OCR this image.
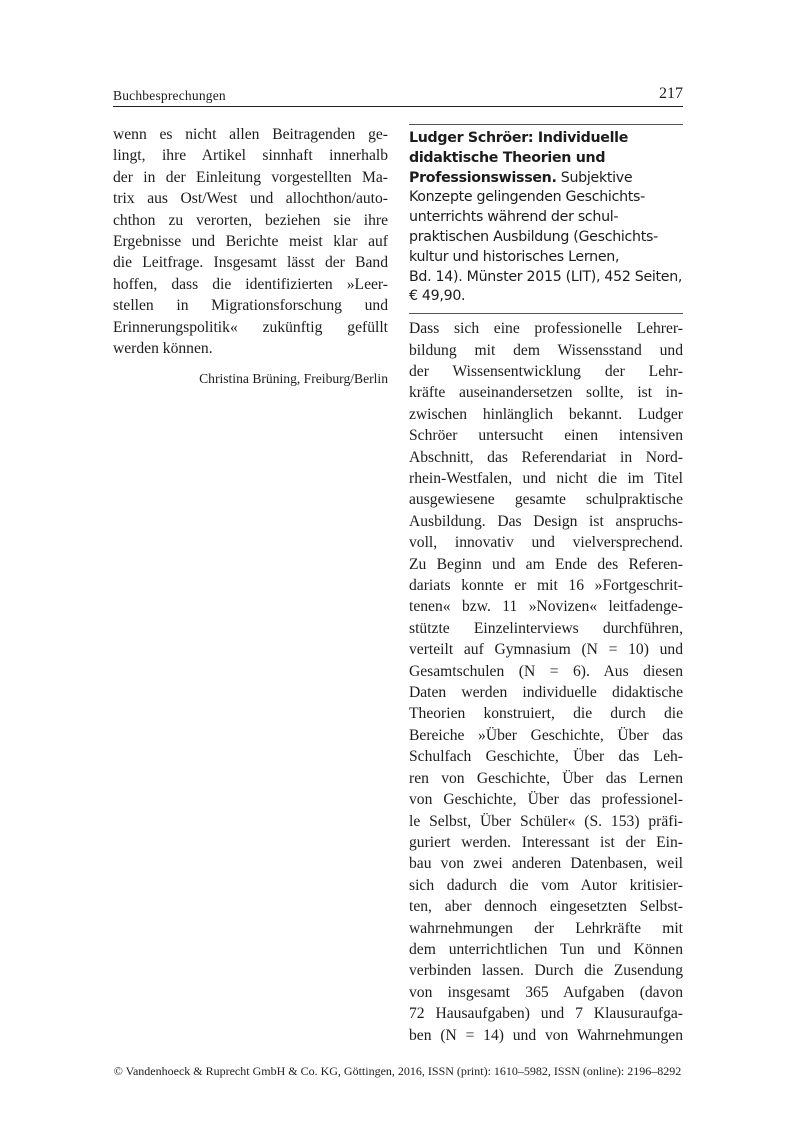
Buchbesprechungen	217
wenn es nicht allen Beitragenden ge-
lingt, ihre Artikel sinnhaft innerhalb
der in der Einleitung vorgestellten Ma-
trix aus Ost/West und allochthon/auto-
chthon zu verorten, beziehen sie ihre
Ergebnisse und Berichte meist klar auf
die Leitfrage. Insgesamt lässt der Band
hoffen, dass die identifizierten »Leer-
stellen in Migrationsforschung und
Erinnerungspolitik« zukünftig gefüllt
werden können.
Christina Brüning, Freiburg/Berlin
Ludger Schröer: Individuelle
didaktische Theorien und
Professionswissen. Subjektive
Konzepte gelingenden Geschichts-
unterrichts während der schul-
praktischen Ausbildung (Geschichts-
kultur und historisches Lernen,
Bd. 14). Münster 2015 (LIT), 452 Seiten,
€ 49,90.
Dass sich eine professionelle Lehrer-
bildung mit dem Wissensstand und
der Wissensentwicklung der Lehr-
kräfte auseinandersetzen sollte, ist in-
zwischen hinlänglich bekannt. Ludger
Schröer untersucht einen intensiven
Abschnitt, das Referendariat in Nord-
rhein-Westfalen, und nicht die im Titel
ausgewiesene gesamte schulpraktische
Ausbildung. Das Design ist anspruchs-
voll, innovativ und vielversprechend.
Zu Beginn und am Ende des Referen-
dariats konnte er mit 16 »Fortgeschrit-
tenen« bzw. 11 »Novizen« leitfadenge-
stützte Einzelinterviews durchführen,
verteilt auf Gymnasium (N = 10) und
Gesamtschulen (N = 6). Aus diesen
Daten werden individuelle didaktische
Theorien konstruiert, die durch die
Bereiche »Über Geschichte, Über das
Schulfach Geschichte, Über das Leh-
ren von Geschichte, Über das Lernen
von Geschichte, Über das professionel-
le Selbst, Über Schüler« (S. 153) präfi-
guriert werden. Interessant ist der Ein-
bau von zwei anderen Datenbasen, weil
sich dadurch die vom Autor kritisier-
ten, aber dennoch eingesetzten Selbst-
wahrnehmungen der Lehrkräfte mit
dem unterrichtlichen Tun und Können
verbinden lassen. Durch die Zusendung
von insgesamt 365 Aufgaben (davon
72 Hausaufgaben) und 7 Klausuraufga-
ben (N = 14) und von Wahrnehmungen
© Vandenhoeck & Ruprecht GmbH & Co. KG, Göttingen, 2016, ISSN (print): 1610–5982, ISSN (online): 2196–8292
